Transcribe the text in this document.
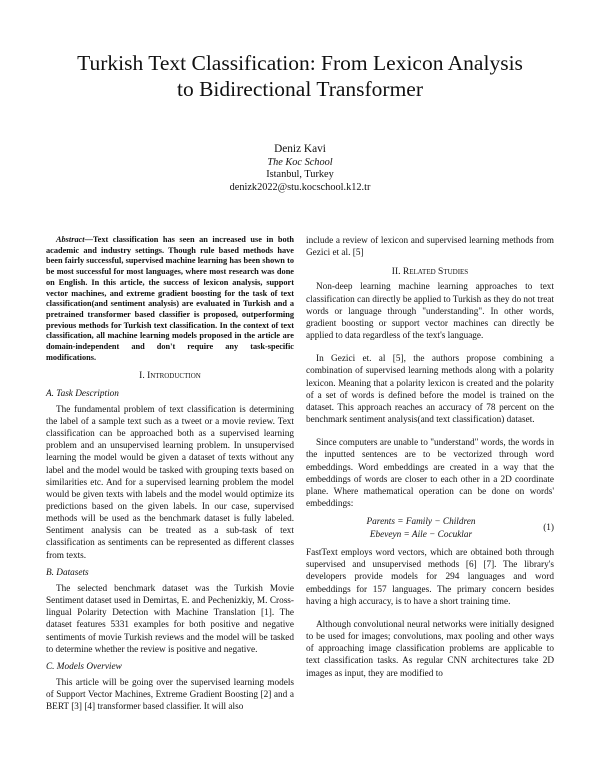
Turkish Text Classification: From Lexicon Analysis
to Bidirectional Transformer
Deniz Kavi
The Koc School
Istanbul, Turkey
denizk2022@stu.kocschool.k12.tr

Abstract—Text classification has seen an increased use in both academic and industry settings. Though rule based methods have been fairly successful, supervised machine learning has been shown to be most successful for most languages, where most research was done on English. In this article, the success of lexicon analysis, support vector machines, and extreme gradient boosting for the task of text classification(and sentiment analysis) are evaluated in Turkish and a pretrained transformer based classifier is proposed, outperforming previous methods for Turkish text classification. In the context of text classification, all machine learning models proposed in the article are domain-independent and don't require any task-specific modifications.

I. Introduction
A. Task Description

The fundamental problem of text classification is determining the label of a sample text such as a tweet or a movie review. Text classification can be approached both as a supervised learning problem and an unsupervised learning problem. In unsupervised learning the model would be given a dataset of texts without any label and the model would be tasked with grouping texts based on similarities etc. And for a supervised learning problem the model would be given texts with labels and the model would optimize its predictions based on the given labels. In our case, supervised methods will be used as the benchmark dataset is fully labeled. Sentiment analysis can be treated as a sub-task of text classification as sentiments can be represented as different classes from texts.

B. Datasets

The selected benchmark dataset was the Turkish Movie Sentiment dataset used in Demirtas, E. and Pechenizkiy, M. Cross-lingual Polarity Detection with Machine Translation [1]. The dataset features 5331 examples for both positive and negative sentiments of movie Turkish reviews and the model will be tasked to determine whether the review is positive and negative.

C. Models Overview

This article will be going over the supervised learning models of Support Vector Machines, Extreme Gradient Boosting [2] and a BERT [3] [4] transformer based classifier. It will also

include a review of lexicon and supervised learning methods from Gezici et al. [5]

II. Related Studies

Non-deep learning machine learning approaches to text classification can directly be applied to Turkish as they do not treat words or language through "understanding". In other words, gradient boosting or support vector machines can directly be applied to data regardless of the text's language.

In Gezici et. al [5], the authors propose combining a combination of supervised learning methods along with a polarity lexicon. Meaning that a polarity lexicon is created and the polarity of a set of words is defined before the model is trained on the dataset. This approach reaches an accuracy of 78 percent on the benchmark sentiment analysis(and text classification) dataset.

Since computers are unable to "understand" words, the words in the inputted sentences are to be vectorized through word embeddings. Word embeddings are created in a way that the embeddings of words are closer to each other in a 2D coordinate plane. Where mathematical operation can be done on words' embeddings:

Parents = Family − Children
Ebeveyn = Aile − Cocuklar
(1)

FastText employs word vectors, which are obtained both through supervised and unsupervised methods [6] [7]. The library's developers provide models for 294 languages and word embeddings for 157 languages. The primary concern besides having a high accuracy, is to have a short training time.

Although convolutional neural networks were initially designed to be used for images; convolutions, max pooling and other ways of approaching image classification problems are applicable to text classification tasks. As regular CNN architectures take 2D images as input, they are modified to
